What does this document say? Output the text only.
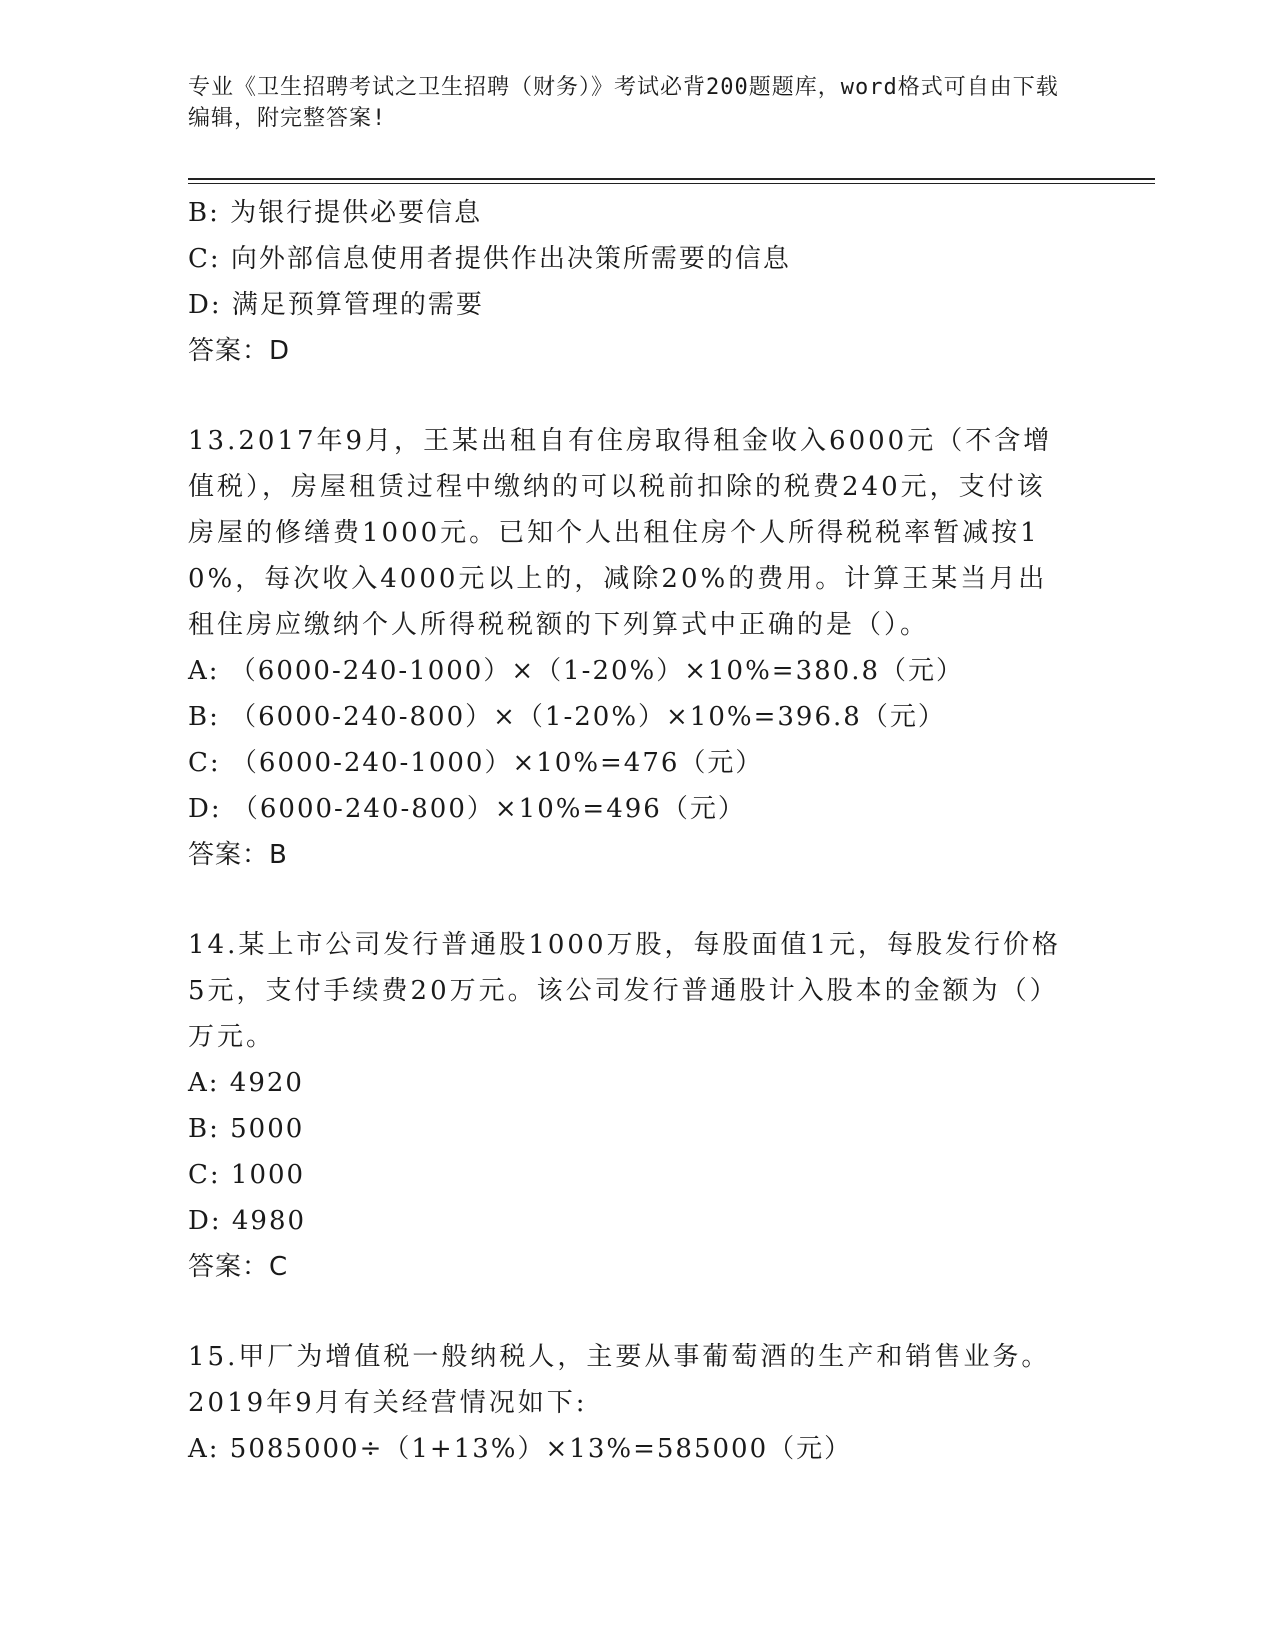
专业《卫生招聘考试之卫生招聘（财务）》考试必背200题题库，word格式可自由下载编辑，附完整答案!
B: 为银行提供必要信息
C: 向外部信息使用者提供作出决策所需要的信息
D: 满足预算管理的需要
答案：D
13.2017年9月，王某出租自有住房取得租金收入6000元（不含增值税），房屋租赁过程中缴纳的可以税前扣除的税费240元，支付该房屋的修缮费1000元。已知个人出租住房个人所得税税率暂减按10%，每次收入4000元以上的，减除20%的费用。计算王某当月出租住房应缴纳个人所得税税额的下列算式中正确的是（）。
A: （6000-240-1000）×（1-20%）×10%=380.8（元）
B: （6000-240-800）×（1-20%）×10%=396.8（元）
C: （6000-240-1000）×10%=476（元）
D: （6000-240-800）×10%=496（元）
答案：B
14.某上市公司发行普通股1000万股，每股面值1元，每股发行价格5元，支付手续费20万元。该公司发行普通股计入股本的金额为（）万元。
A: 4920
B: 5000
C: 1000
D: 4980
答案：C
15.甲厂为增值税一般纳税人，主要从事葡萄酒的生产和销售业务。2019年9月有关经营情况如下:
A: 5085000÷（1+13%）×13%=585000（元）
